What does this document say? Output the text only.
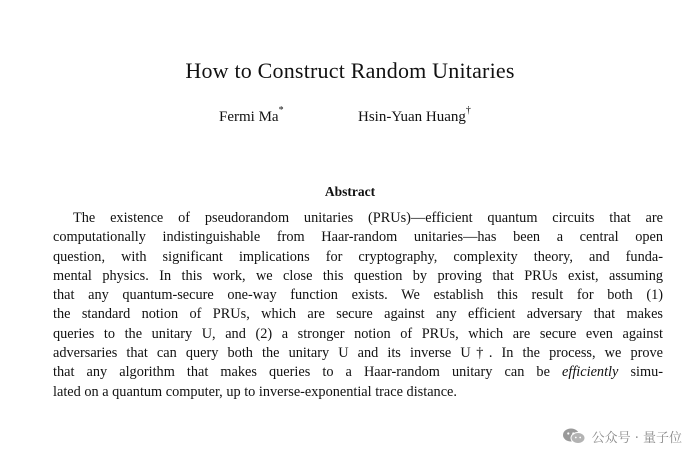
How to Construct Random Unitaries
Fermi Ma*	Hsin-Yuan Huang†
Abstract
The existence of pseudorandom unitaries (PRUs)—efficient quantum circuits that are
computationally indistinguishable from Haar-random unitaries—has been a central open
question, with significant implications for cryptography, complexity theory, and funda-
mental physics. In this work, we close this question by proving that PRUs exist, assuming
that any quantum-secure one-way function exists. We establish this result for both (1)
the standard notion of PRUs, which are secure against any efficient adversary that makes
queries to the unitary U, and (2) a stronger notion of PRUs, which are secure even against
adversaries that can query both the unitary U and its inverse U†. In the process, we prove
that any algorithm that makes queries to a Haar-random unitary can be efficiently simu-
lated on a quantum computer, up to inverse-exponential trace distance.
公众号 · 量子位
